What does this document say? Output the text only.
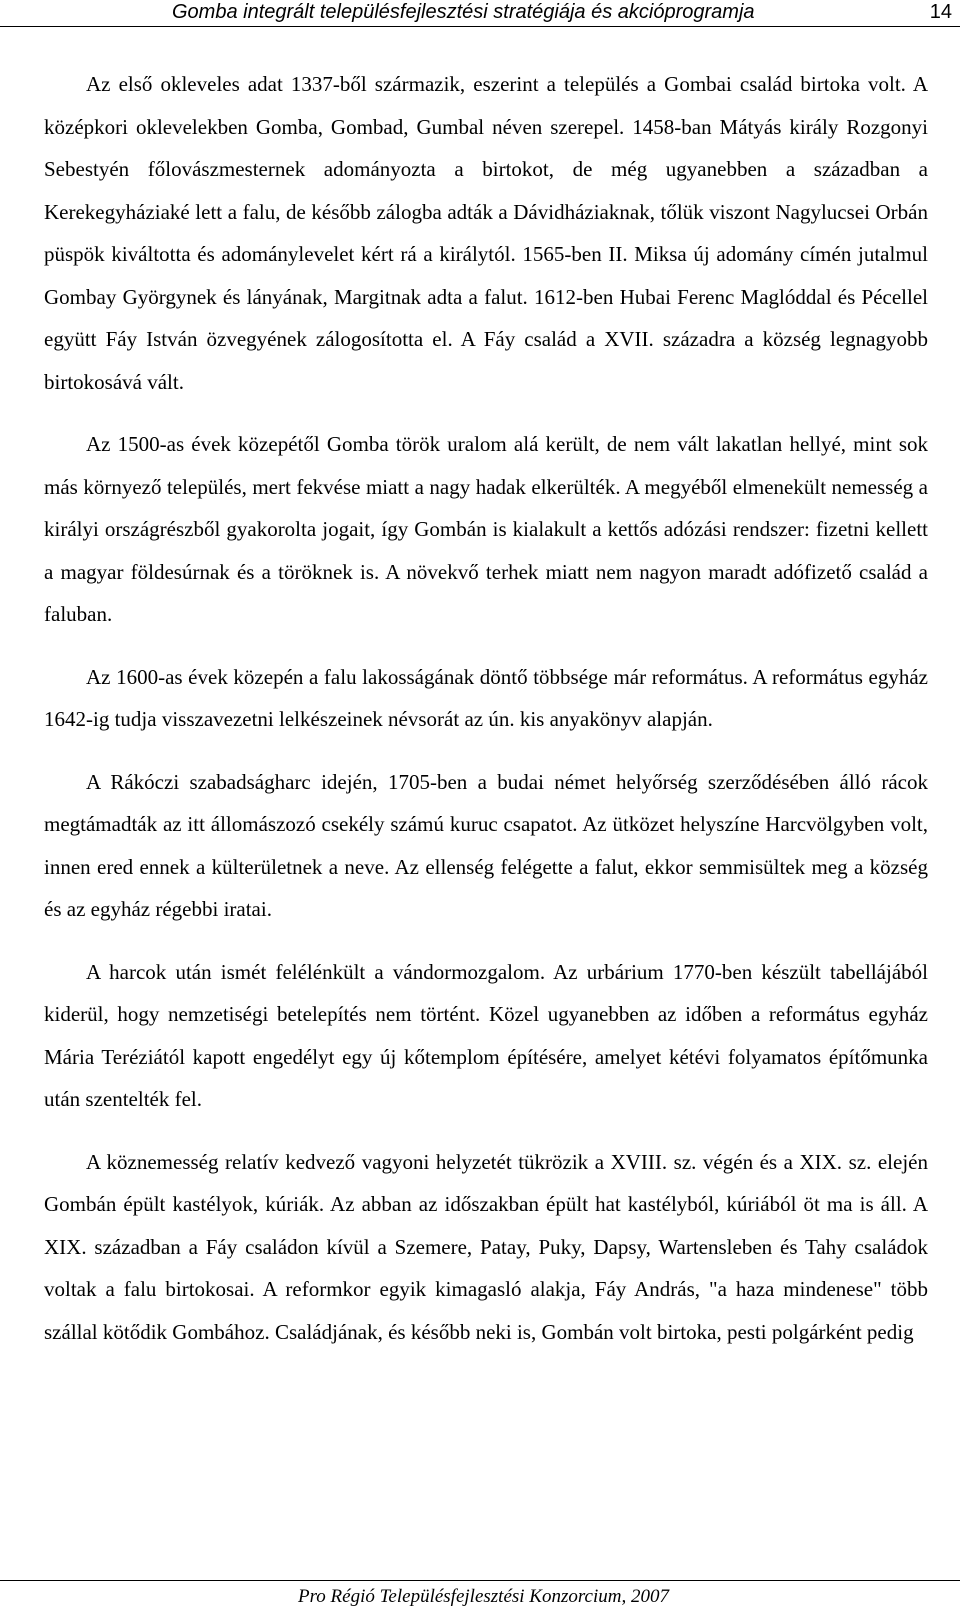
Gomba integrált településfejlesztési stratégiája és akcióprogramja	14

Az első okleveles adat 1337-ből származik, eszerint a település a Gombai család birtoka volt. A középkori oklevelekben Gomba, Gombad, Gumbal néven szerepel. 1458-ban Mátyás király Rozgonyi Sebestyén főlovászmesternek adományozta a birtokot, de még ugyanebben a században a Kerekegyháziaké lett a falu, de később zálogba adták a Dávidháziaknak, tőlük viszont Nagylucsei Orbán püspök kiváltotta és adománylevelet kért rá a királytól. 1565-ben II. Miksa új adomány címén jutalmul Gombay Györgynek és lányának, Margitnak adta a falut. 1612-ben Hubai Ferenc Maglóddal és Pécellel együtt Fáy István özvegyének zálogosította el. A Fáy család a XVII. századra a község legnagyobb birtokosává vált.

Az 1500-as évek közepétől Gomba török uralom alá került, de nem vált lakatlan hellyé, mint sok más környező település, mert fekvése miatt a nagy hadak elkerülték. A megyéből elmenekült nemesség a királyi országrészből gyakorolta jogait, így Gombán is kialakult a kettős adózási rendszer: fizetni kellett a magyar földesúrnak és a töröknek is. A növekvő terhek miatt nem nagyon maradt adófizető család a faluban.

Az 1600-as évek közepén a falu lakosságának döntő többsége már református. A református egyház 1642-ig tudja visszavezetni lelkészeinek névsorát az ún. kis anyakönyv alapján.

A Rákóczi szabadságharc idején, 1705-ben a budai német helyőrség szerződésében álló rácok megtámadták az itt állomászozó csekély számú kuruc csapatot. Az ütközet helyszíne Harcvölgyben volt, innen ered ennek a külterületnek a neve. Az ellenség felégette a falut, ekkor semmisültek meg a község és az egyház régebbi iratai.

A harcok után ismét felélénkült a vándormozgalom. Az urbárium 1770-ben készült tabellájából kiderül, hogy nemzetiségi betelepítés nem történt. Közel ugyanebben az időben a református egyház Mária Teréziától kapott engedélyt egy új kőtemplom építésére, amelyet kétévi folyamatos építőmunka után szentelték fel.

A köznemesség relatív kedvező vagyoni helyzetét tükrözik a XVIII. sz. végén és a XIX. sz. elején Gombán épült kastélyok, kúriák. Az abban az időszakban épült hat kastélyból, kúriából öt ma is áll. A XIX. században a Fáy családon kívül a Szemere, Patay, Puky, Dapsy, Wartensleben és Tahy családok voltak a falu birtokosai. A reformkor egyik kimagasló alakja, Fáy András, "a haza mindenese" több szállal kötődik Gombához. Családjának, és később neki is, Gombán volt birtoka, pesti polgárként pedig

Pro Régió Településfejlesztési Konzorcium, 2007
